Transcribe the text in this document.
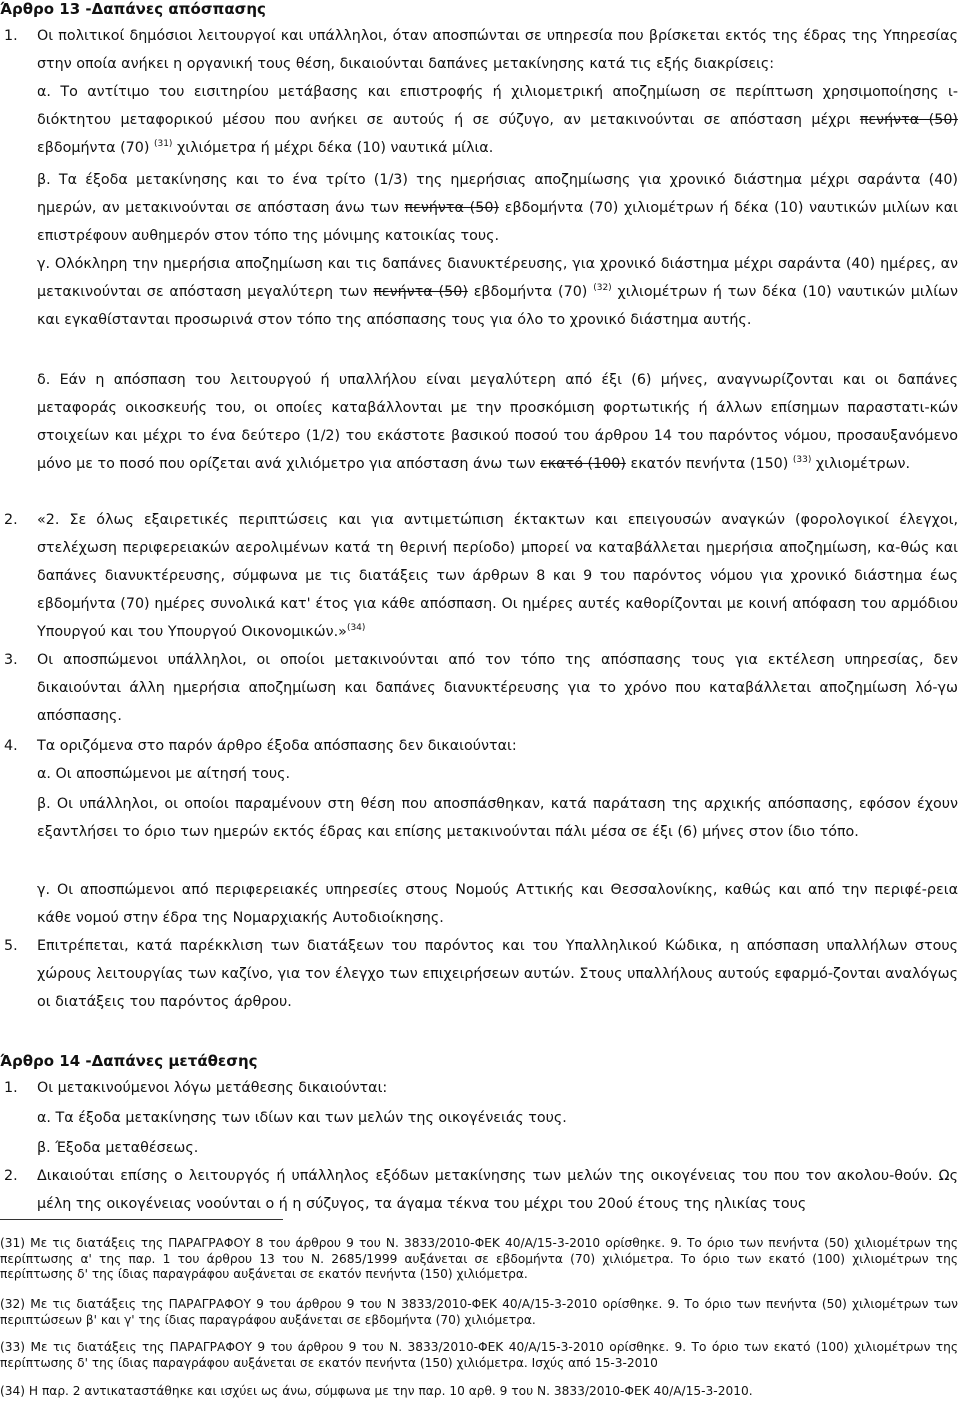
Άρθρο 13 -Δαπάνες απόσπασης
1. Οι πολιτικοί δημόσιοι λειτουργοί και υπάλληλοι, όταν αποσπώνται σε υπηρεσία που βρίσκεται εκτός της έδρας της Υπηρεσίας στην οποία ανήκει η οργανική τους θέση, δικαιούνται δαπάνες μετακίνησης κατά τις εξής διακρίσεις:
α. Το αντίτιμο του εισιτηρίου μετάβασης και επιστροφής ή χιλιομετρική αποζημίωση σε περίπτωση χρησιμοποίησης ι-διόκτητου μεταφορικού μέσου που ανήκει σε αυτούς ή σε σύζυγο, αν μετακινούνται σε απόσταση μέχρι πενήντα (50) εβδομήντα (70) $^{(31)}$ χιλιόμετρα ή μέχρι δέκα (10) ναυτικά μίλια.
β. Τα έξοδα μετακίνησης και το ένα τρίτο (1/3) της ημερήσιας αποζημίωσης για χρονικό διάστημα μέχρι σαράντα (40) ημερών, αν μετακινούνται σε απόσταση άνω των πενήντα (50) εβδομήντα (70) χιλιομέτρων ή δέκα (10) ναυτικών μιλίων και επιστρέφουν αυθημερόν στον τόπο της μόνιμης κατοικίας τους.
γ. Ολόκληρη την ημερήσια αποζημίωση και τις δαπάνες διανυκτέρευσης, για χρονικό διάστημα μέχρι σαράντα (40) ημέρες, αν μετακινούνται σε απόσταση μεγαλύτερη των πενήντα (50) εβδομήντα (70) $^{(32)}$ χιλιομέτρων ή των δέκα (10) ναυτικών μιλίων και εγκαθίστανται προσωρινά στον τόπο της απόσπασης τους για όλο το χρονικό διάστημα αυτής.
δ. Εάν η απόσπαση του λειτουργού ή υπαλλήλου είναι μεγαλύτερη από έξι (6) μήνες, αναγνωρίζονται και οι δαπάνες μεταφοράς οικοσκευής του, οι οποίες καταβάλλονται με την προσκόμιση φορτωτικής ή άλλων επίσημων παραστατι-κών στοιχείων και μέχρι το ένα δεύτερο (1/2) του εκάστοτε βασικού ποσού του άρθρου 14 του παρόντος νόμου, προσαυξανόμενο μόνο με το ποσό που ορίζεται ανά χιλιόμετρο για απόσταση άνω των εκατό (100) εκατόν πενήντα (150) $^{(33)}$ χιλιομέτρων.
2. «2. Σε όλως εξαιρετικές περιπτώσεις και για αντιμετώπιση έκτακτων και επειγουσών αναγκών (φορολογικοί έλεγχοι, στελέχωση περιφερειακών αερολιμένων κατά τη θερινή περίοδο) μπορεί να καταβάλλεται ημερήσια αποζημίωση, κα-θώς και δαπάνες διανυκτέρευσης, σύμφωνα με τις διατάξεις των άρθρων 8 και 9 του παρόντος νόμου για χρονικό διάστημα έως εβδομήντα (70) ημέρες συνολικά κατ' έτος για κάθε απόσπαση. Οι ημέρες αυτές καθορίζονται με κοινή απόφαση του αρμόδιου Υπουργού και του Υπουργού Οικονομικών.»$^{(34)}$
3. Οι αποσπώμενοι υπάλληλοι, οι οποίοι μετακινούνται από τον τόπο της απόσπασης τους για εκτέλεση υπηρεσίας, δεν δικαιούνται άλλη ημερήσια αποζημίωση και δαπάνες διανυκτέρευσης για το χρόνο που καταβάλλεται αποζημίωση λό-γω απόσπασης.
4. Τα οριζόμενα στο παρόν άρθρο έξοδα απόσπασης δεν δικαιούνται:
α. Οι αποσπώμενοι με αίτησή τους.
β. Οι υπάλληλοι, οι οποίοι παραμένουν στη θέση που αποσπάσθηκαν, κατά παράταση της αρχικής απόσπασης, εφόσον έχουν εξαντλήσει το όριο των ημερών εκτός έδρας και επίσης μετακινούνται πάλι μέσα σε έξι (6) μήνες στον ίδιο τόπο.
γ. Οι αποσπώμενοι από περιφερειακές υπηρεσίες στους Νομούς Αττικής και Θεσσαλονίκης, καθώς και από την περιφέ-ρεια κάθε νομού στην έδρα της Νομαρχιακής Αυτοδιοίκησης.
5. Επιτρέπεται, κατά παρέκκλιση των διατάξεων του παρόντος και του Υπαλληλικού Κώδικα, η απόσπαση υπαλλήλων στους χώρους λειτουργίας των καζίνο, για τον έλεγχο των επιχειρήσεων αυτών. Στους υπαλλήλους αυτούς εφαρμό-ζονται αναλόγως οι διατάξεις του παρόντος άρθρου.
Άρθρο 14 -Δαπάνες μετάθεσης
1. Οι μετακινούμενοι λόγω μετάθεσης δικαιούνται:
α. Τα έξοδα μετακίνησης των ιδίων και των μελών της οικογένειάς τους.
β. Έξοδα μεταθέσεως.
2. Δικαιούται επίσης ο λειτουργός ή υπάλληλος εξόδων μετακίνησης των μελών της οικογένειας του που τον ακολου-θούν. Ως μέλη της οικογένειας νοούνται ο ή η σύζυγος, τα άγαμα τέκνα του μέχρι του 20ού έτους της ηλικίας τους
(31) Με τις διατάξεις της ΠΑΡΑΓΡΑΦΟΥ 8 του άρθρου 9 του Ν. 3833/2010-ΦΕΚ 40/Α/15-3-2010 ορίσθηκε. 9. Το όριο των πενήντα (50) χιλιομέτρων της περίπτωσης α' της παρ. 1 του άρθρου 13 του Ν. 2685/1999 αυξάνεται σε εβδομήντα (70) χιλιόμετρα. Το όριο των εκατό (100) χιλιομέτρων της περίπτωσης δ' της ίδιας παραγράφου αυξάνεται σε εκατόν πενήντα (150) χιλιόμετρα.
(32) Με τις διατάξεις της ΠΑΡΑΓΡΑΦΟΥ 9 του άρθρου 9 του Ν 3833/2010-ΦΕΚ 40/Α/15-3-2010 ορίσθηκε. 9. Το όριο των πενήντα (50) χιλιομέτρων των περιπτώσεων β' και γ' της ίδιας παραγράφου αυξάνεται σε εβδομήντα (70) χιλιόμετρα.
(33) Με τις διατάξεις της ΠΑΡΑΓΡΑΦΟΥ 9 του άρθρου 9 του Ν. 3833/2010-ΦΕΚ 40/Α/15-3-2010 ορίσθηκε. 9. Το όριο των εκατό (100) χιλιομέτρων της περίπτωσης δ' της ίδιας παραγράφου αυξάνεται σε εκατόν πενήντα (150) χιλιόμετρα. Ισχύς από 15-3-2010
(34) Η παρ. 2 αντικαταστάθηκε και ισχύει ως άνω, σύμφωνα με την παρ. 10 αρθ. 9 του Ν. 3833/2010-ΦΕΚ 40/Α/15-3-2010.
